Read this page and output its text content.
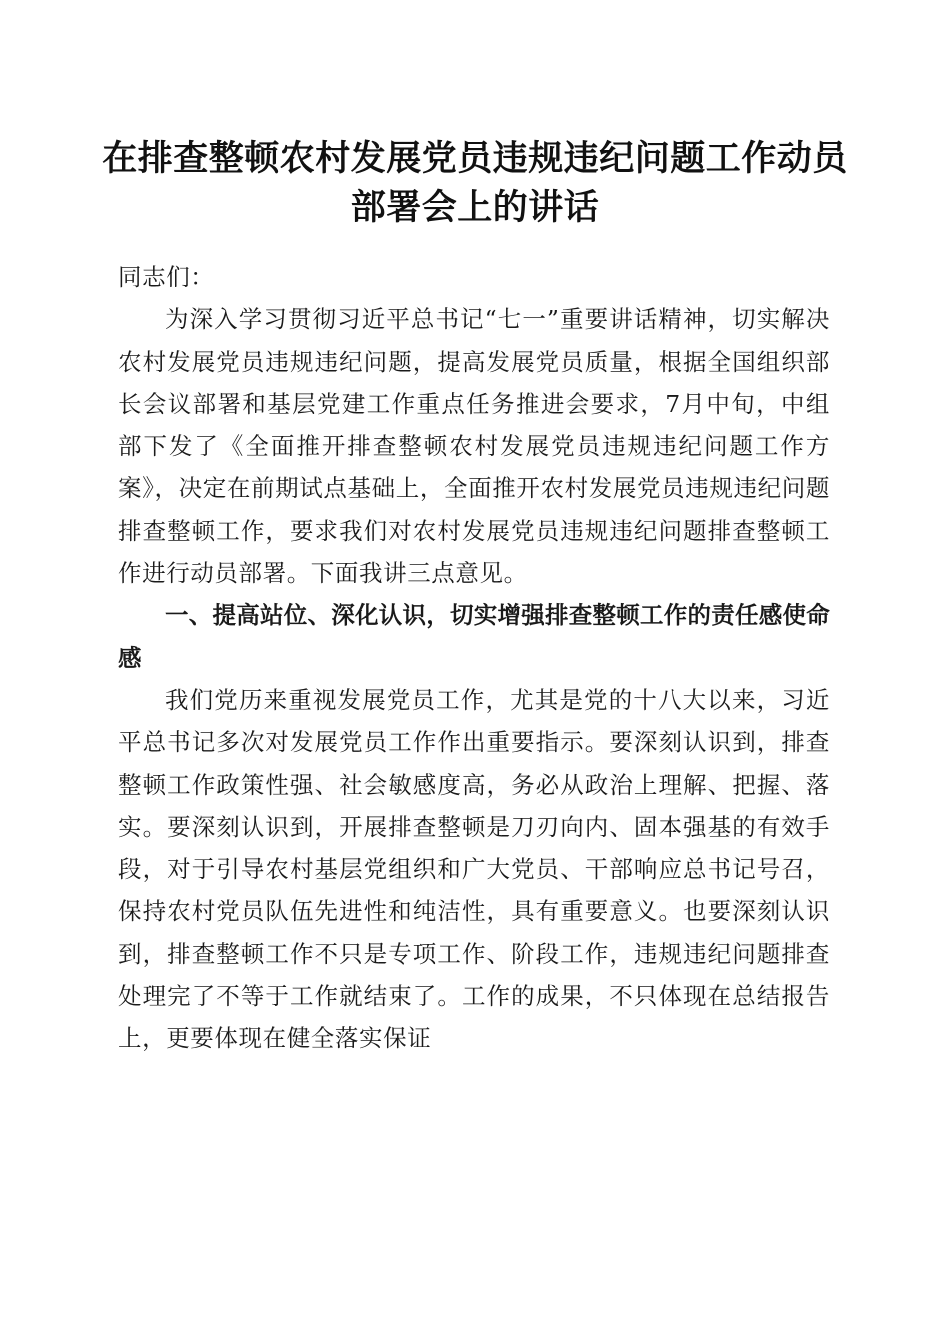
在排查整顿农村发展党员违规违纪问题工作动员部署会上的讲话

同志们：

为深入学习贯彻习近平总书记“七一”重要讲话精神，切实解决农村发展党员违规违纪问题，提高发展党员质量，根据全国组织部长会议部署和基层党建工作重点任务推进会要求，7月中旬，中组部下发了《全面推开排查整顿农村发展党员违规违纪问题工作方案》，决定在前期试点基础上，全面推开农村发展党员违规违纪问题排查整顿工作，要求我们对农村发展党员违规违纪问题排查整顿工作进行动员部署。下面我讲三点意见。

一、提高站位、深化认识，切实增强排查整顿工作的责任感使命感

我们党历来重视发展党员工作，尤其是党的十八大以来，习近平总书记多次对发展党员工作作出重要指示。要深刻认识到，排查整顿工作政策性强、社会敏感度高，务必从政治上理解、把握、落实。要深刻认识到，开展排查整顿是刀刃向内、固本强基的有效手段，对于引导农村基层党组织和广大党员、干部响应总书记号召，保持农村党员队伍先进性和纯洁性，具有重要意义。也要深刻认识到，排查整顿工作不只是专项工作、阶段工作，违规违纪问题排查处理完了不等于工作就结束了。工作的成果，不只体现在总结报告上，更要体现在健全落实保证
